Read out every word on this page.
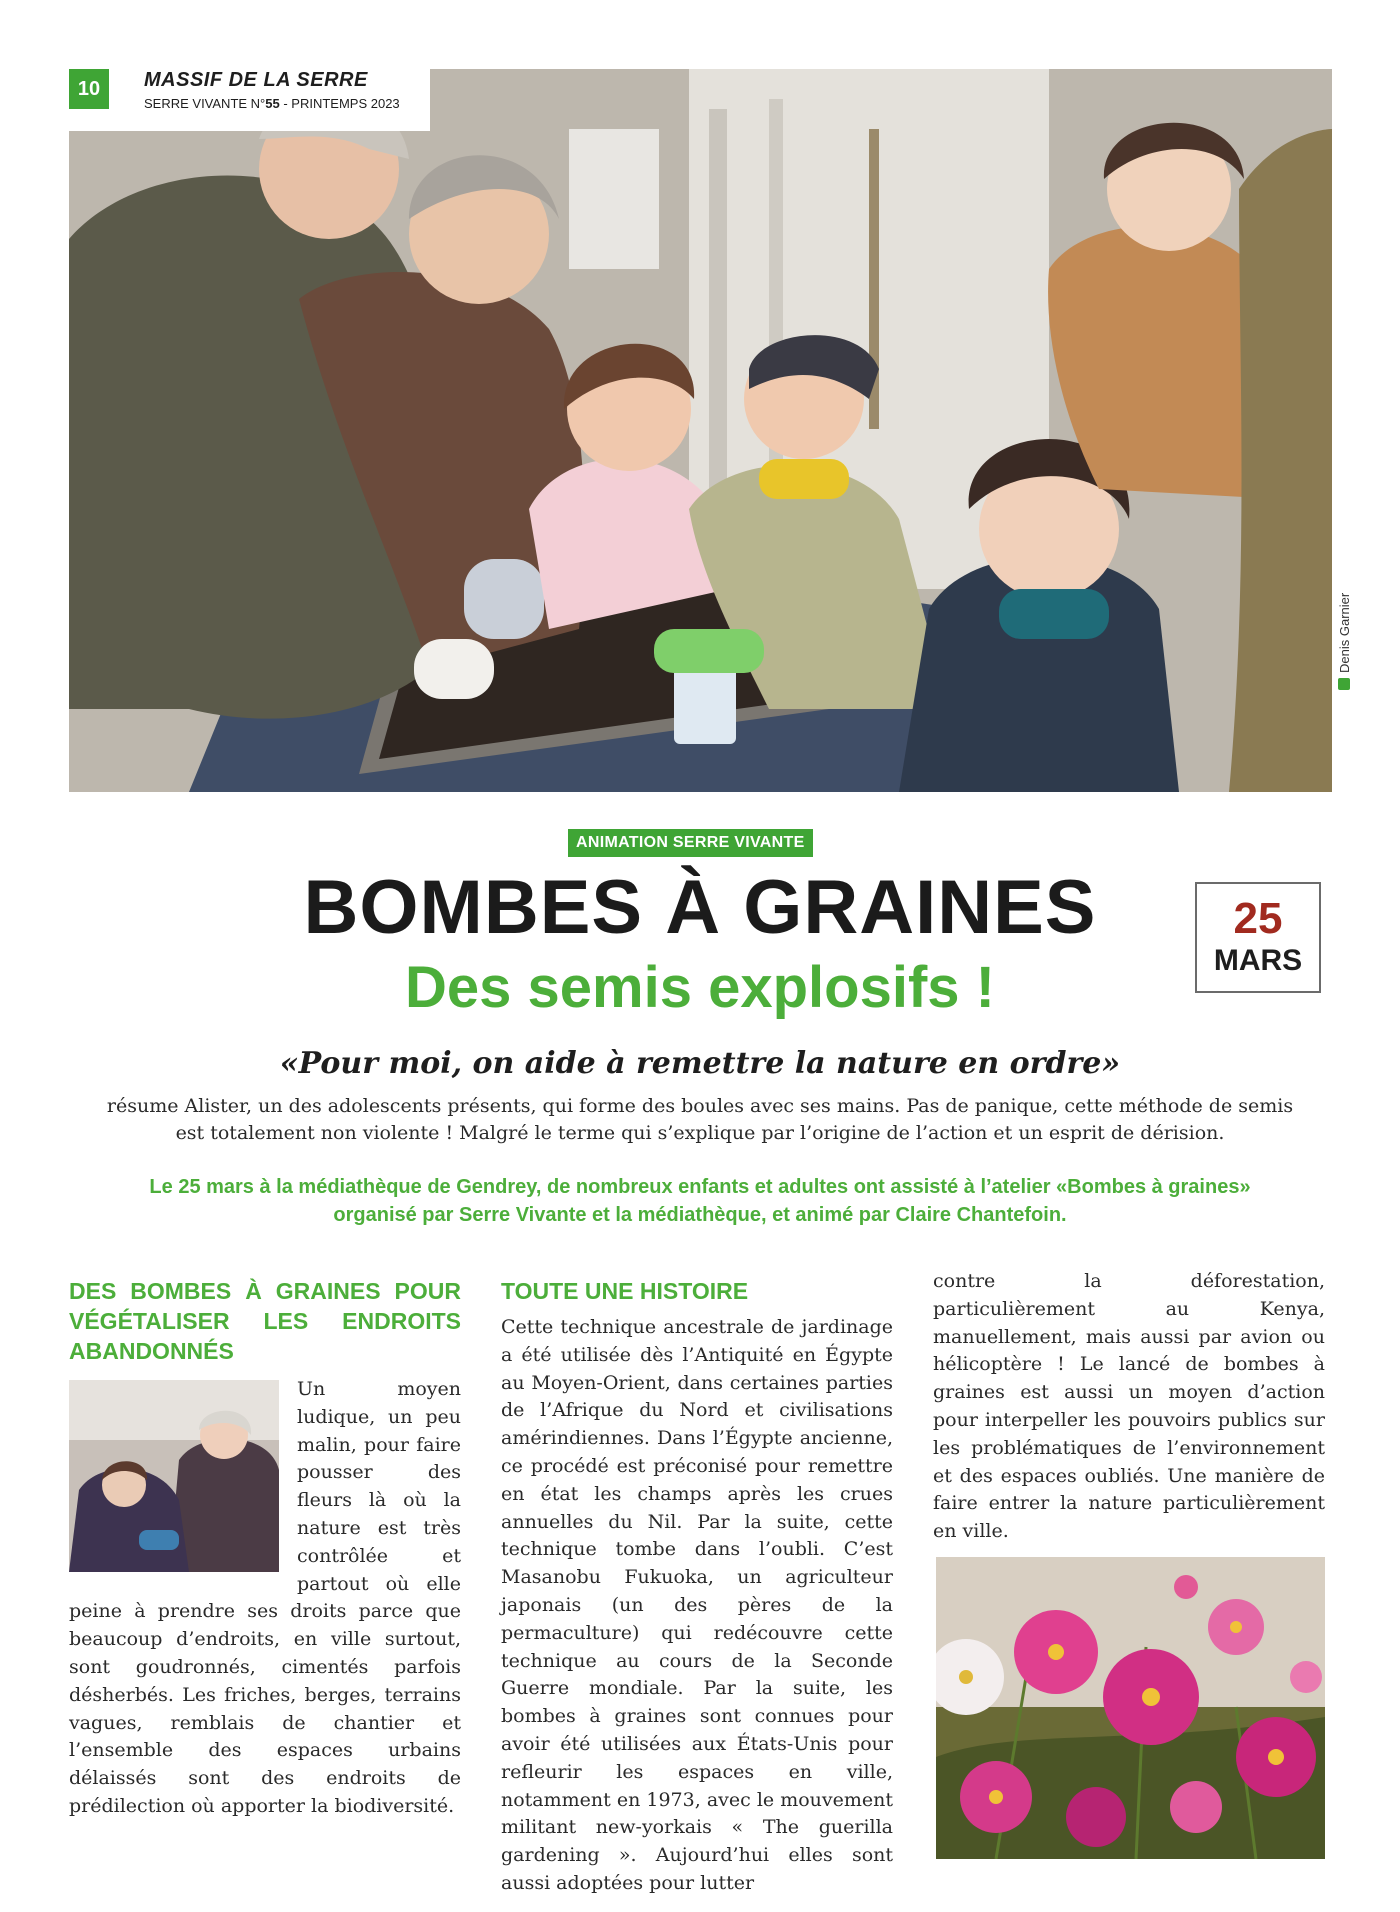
10	MASSIF DE LA SERRE
SERRE VIVANTE N°55 - PRINTEMPS 2023
Denis Garnier
ANIMATION SERRE VIVANTE
BOMBES À GRAINES
Des semis explosifs !
25
MARS
«Pour moi, on aide à remettre la nature en ordre»
résume Alister, un des adolescents présents, qui forme des boules avec ses mains. Pas de panique, cette méthode de semis est totalement non violente ! Malgré le terme qui s’explique par l’origine de l’action et un esprit de dérision.
Le 25 mars à la médiathèque de Gendrey, de nombreux enfants et adultes ont assisté à l’atelier «Bombes à graines» organisé par Serre Vivante et la médiathèque, et animé par Claire Chantefoin.
DES BOMBES À GRAINES POUR VÉGÉTALISER LES ENDROITS ABANDONNÉS
Un moyen ludique, un peu malin, pour faire pousser des fleurs là où la nature est très contrôlée et partout où elle peine à prendre ses droits parce que beaucoup d’endroits, en ville surtout, sont goudronnés, cimentés parfois désherbés. Les friches, berges, terrains vagues, remblais de chantier et l’ensemble des espaces urbains délaissés sont des endroits de prédilection où apporter la biodiversité.
TOUTE UNE HISTOIRE
Cette technique ancestrale de jardinage a été utilisée dès l’Antiquité en Égypte au Moyen-Orient, dans certaines parties de l’Afrique du Nord et civilisations amérindiennes. Dans l’Égypte ancienne, ce procédé est préconisé pour remettre en état les champs après les crues annuelles du Nil. Par la suite, cette technique tombe dans l’oubli. C’est Masanobu Fukuoka, un agriculteur japonais (un des pères de la permaculture) qui redécouvre cette technique au cours de la Seconde Guerre mondiale. Par la suite, les bombes à graines sont connues pour avoir été utilisées aux États-Unis pour refleurir les espaces en ville, notamment en 1973, avec le mouvement militant new-yorkais « The guerilla gardening ». Aujourd’hui elles sont aussi adoptées pour lutter
contre la déforestation, particulièrement au Kenya, manuellement, mais aussi par avion ou hélicoptère ! Le lancé de bombes à graines est aussi un moyen d’action pour interpeller les pouvoirs publics sur les problématiques de l’environnement et des espaces oubliés. Une manière de faire entrer la nature particulièrement en ville.
